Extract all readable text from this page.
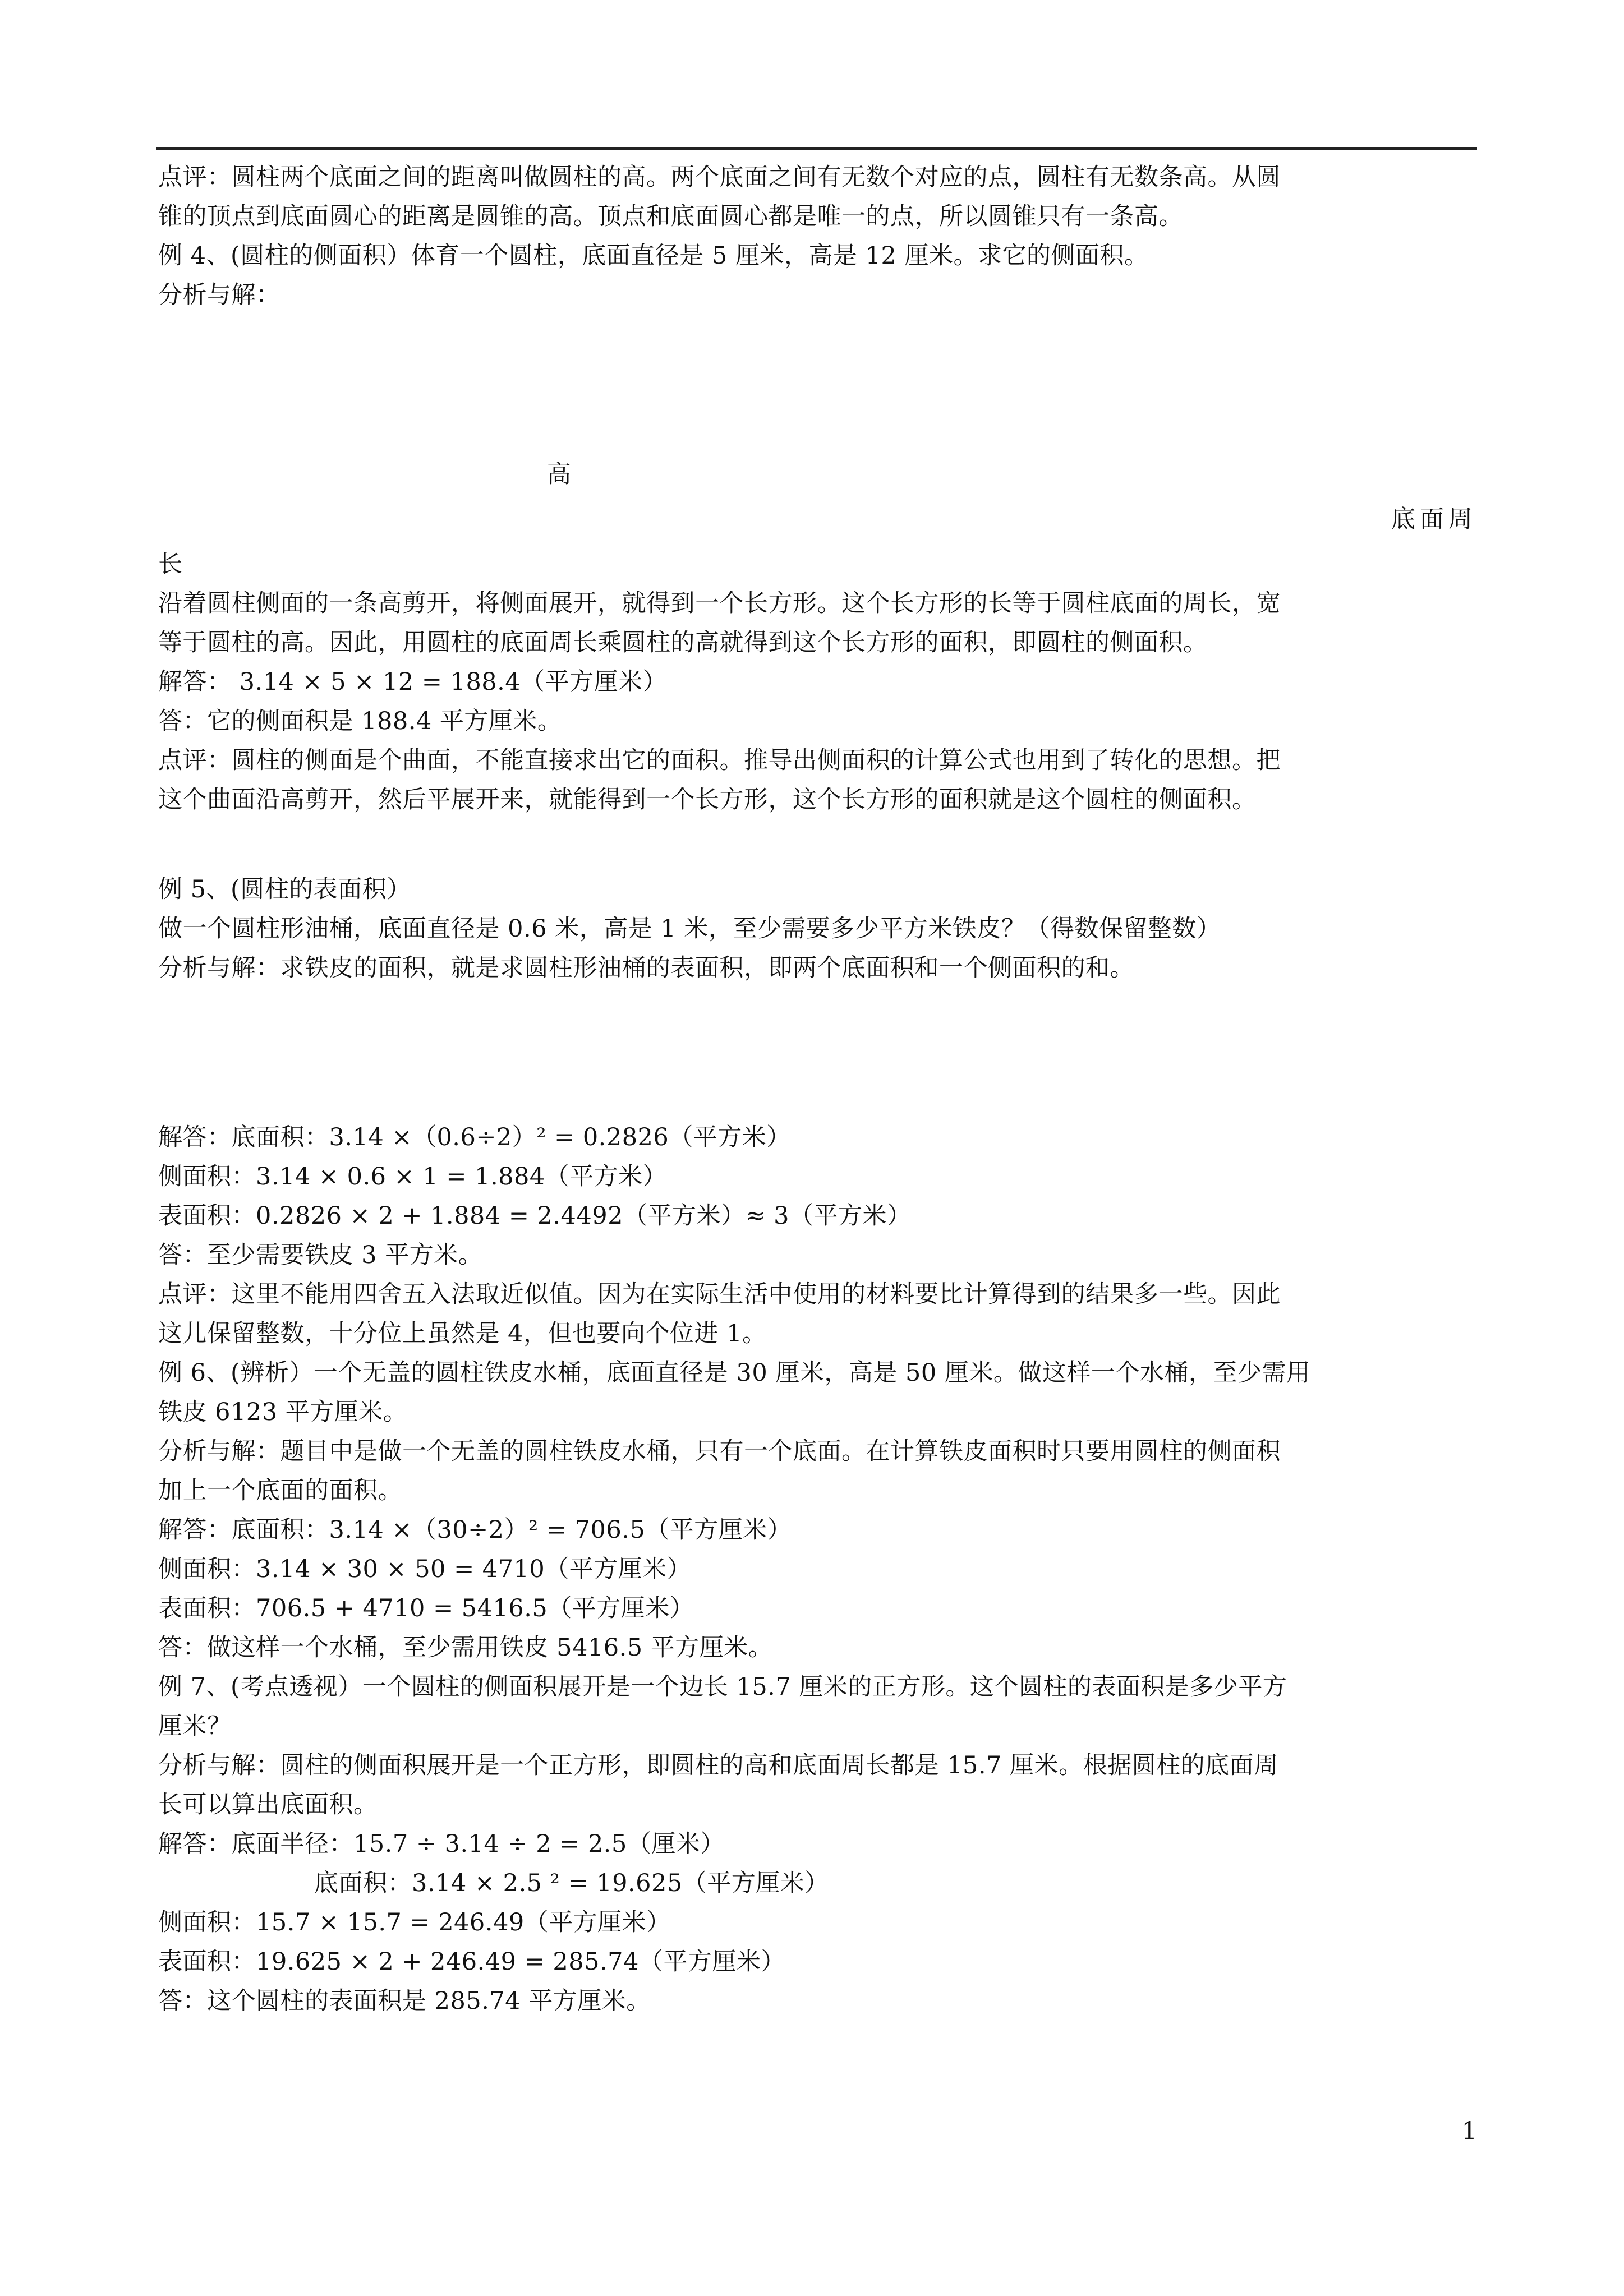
点评：圆柱两个底面之间的距离叫做圆柱的高。两个底面之间有无数个对应的点，圆柱有无数条高。从圆
锥的顶点到底面圆心的距离是圆锥的高。顶点和底面圆心都是唯一的点，所以圆锥只有一条高。
例 4、(圆柱的侧面积）体育一个圆柱，底面直径是 5 厘米，高是 12 厘米。求它的侧面积。
分析与解：
高
底面周
长
沿着圆柱侧面的一条高剪开，将侧面展开，就得到一个长方形。这个长方形的长等于圆柱底面的周长，宽
等于圆柱的高。因此，用圆柱的底面周长乘圆柱的高就得到这个长方形的面积，即圆柱的侧面积。
解答： 3.14 × 5 × 12 = 188.4（平方厘米）
答：它的侧面积是 188.4 平方厘米。
点评：圆柱的侧面是个曲面，不能直接求出它的面积。推导出侧面积的计算公式也用到了转化的思想。把
这个曲面沿高剪开，然后平展开来，就能得到一个长方形，这个长方形的面积就是这个圆柱的侧面积。
例 5、(圆柱的表面积）
做一个圆柱形油桶，底面直径是 0.6 米，高是 1 米，至少需要多少平方米铁皮？（得数保留整数）
分析与解：求铁皮的面积，就是求圆柱形油桶的表面积，即两个底面积和一个侧面积的和。
解答：底面积：3.14 ×（0.6÷2）² = 0.2826（平方米）
侧面积：3.14 × 0.6 × 1 = 1.884（平方米）
表面积：0.2826 × 2 + 1.884 = 2.4492（平方米）≈ 3（平方米）
答：至少需要铁皮 3 平方米。
点评：这里不能用四舍五入法取近似值。因为在实际生活中使用的材料要比计算得到的结果多一些。因此
这儿保留整数，十分位上虽然是 4，但也要向个位进 1。
例 6、(辨析）一个无盖的圆柱铁皮水桶，底面直径是 30 厘米，高是 50 厘米。做这样一个水桶，至少需用
铁皮 6123 平方厘米。
分析与解：题目中是做一个无盖的圆柱铁皮水桶，只有一个底面。在计算铁皮面积时只要用圆柱的侧面积
加上一个底面的面积。
解答：底面积：3.14 ×（30÷2）² = 706.5（平方厘米）
侧面积：3.14 × 30 × 50 = 4710（平方厘米）
表面积：706.5 + 4710 = 5416.5（平方厘米）
答：做这样一个水桶，至少需用铁皮 5416.5 平方厘米。
例 7、(考点透视）一个圆柱的侧面积展开是一个边长 15.7 厘米的正方形。这个圆柱的表面积是多少平方
厘米？
分析与解：圆柱的侧面积展开是一个正方形，即圆柱的高和底面周长都是 15.7 厘米。根据圆柱的底面周
长可以算出底面积。
解答：底面半径：15.7 ÷ 3.14 ÷ 2 = 2.5（厘米）
底面积：3.14 × 2.5 ² = 19.625（平方厘米）
侧面积：15.7 × 15.7 = 246.49（平方厘米）
表面积：19.625 × 2 + 246.49 = 285.74（平方厘米）
答：这个圆柱的表面积是 285.74 平方厘米。
1
